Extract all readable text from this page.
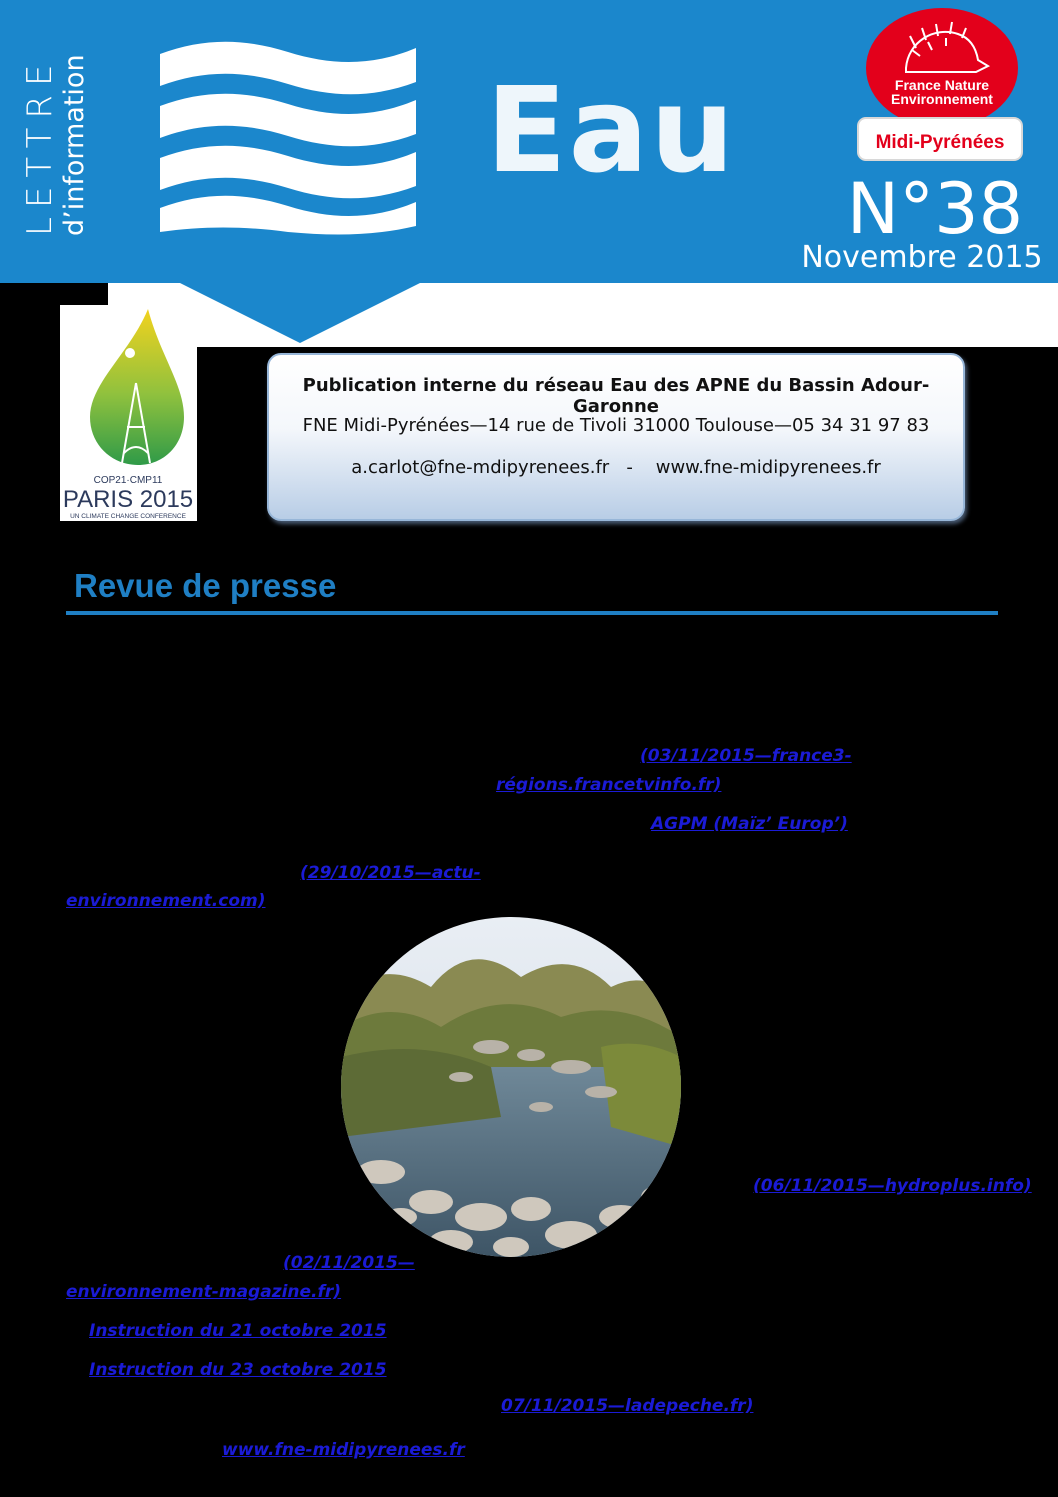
LETTRE d’information	Eau	France Nature
Environnement
Midi-Pyrénées
N°38
Novembre 2015
COP21·CMP11
PARIS 2015
UN CLIMATE CHANGE CONFERENCE
Publication interne du réseau Eau des APNE du Bassin Adour-Garonne
FNE Midi-Pyrénées—14 rue de Tivoli 31000 Toulouse—05 34 31 97 83
a.carlot@fne-mdipyrenees.fr   -    www.fne-midipyrenees.fr
Revue de presse
(03/11/2015—france3-
régions.francetvinfo.fr)
AGPM (Maïz’ Europ’)
(29/10/2015—actu-
environnement.com)
(06/11/2015—hydroplus.info)
(02/11/2015—
environnement-magazine.fr)
Instruction du 21 octobre 2015
Instruction du 23 octobre 2015
07/11/2015—ladepeche.fr)
www.fne-midipyrenees.fr
